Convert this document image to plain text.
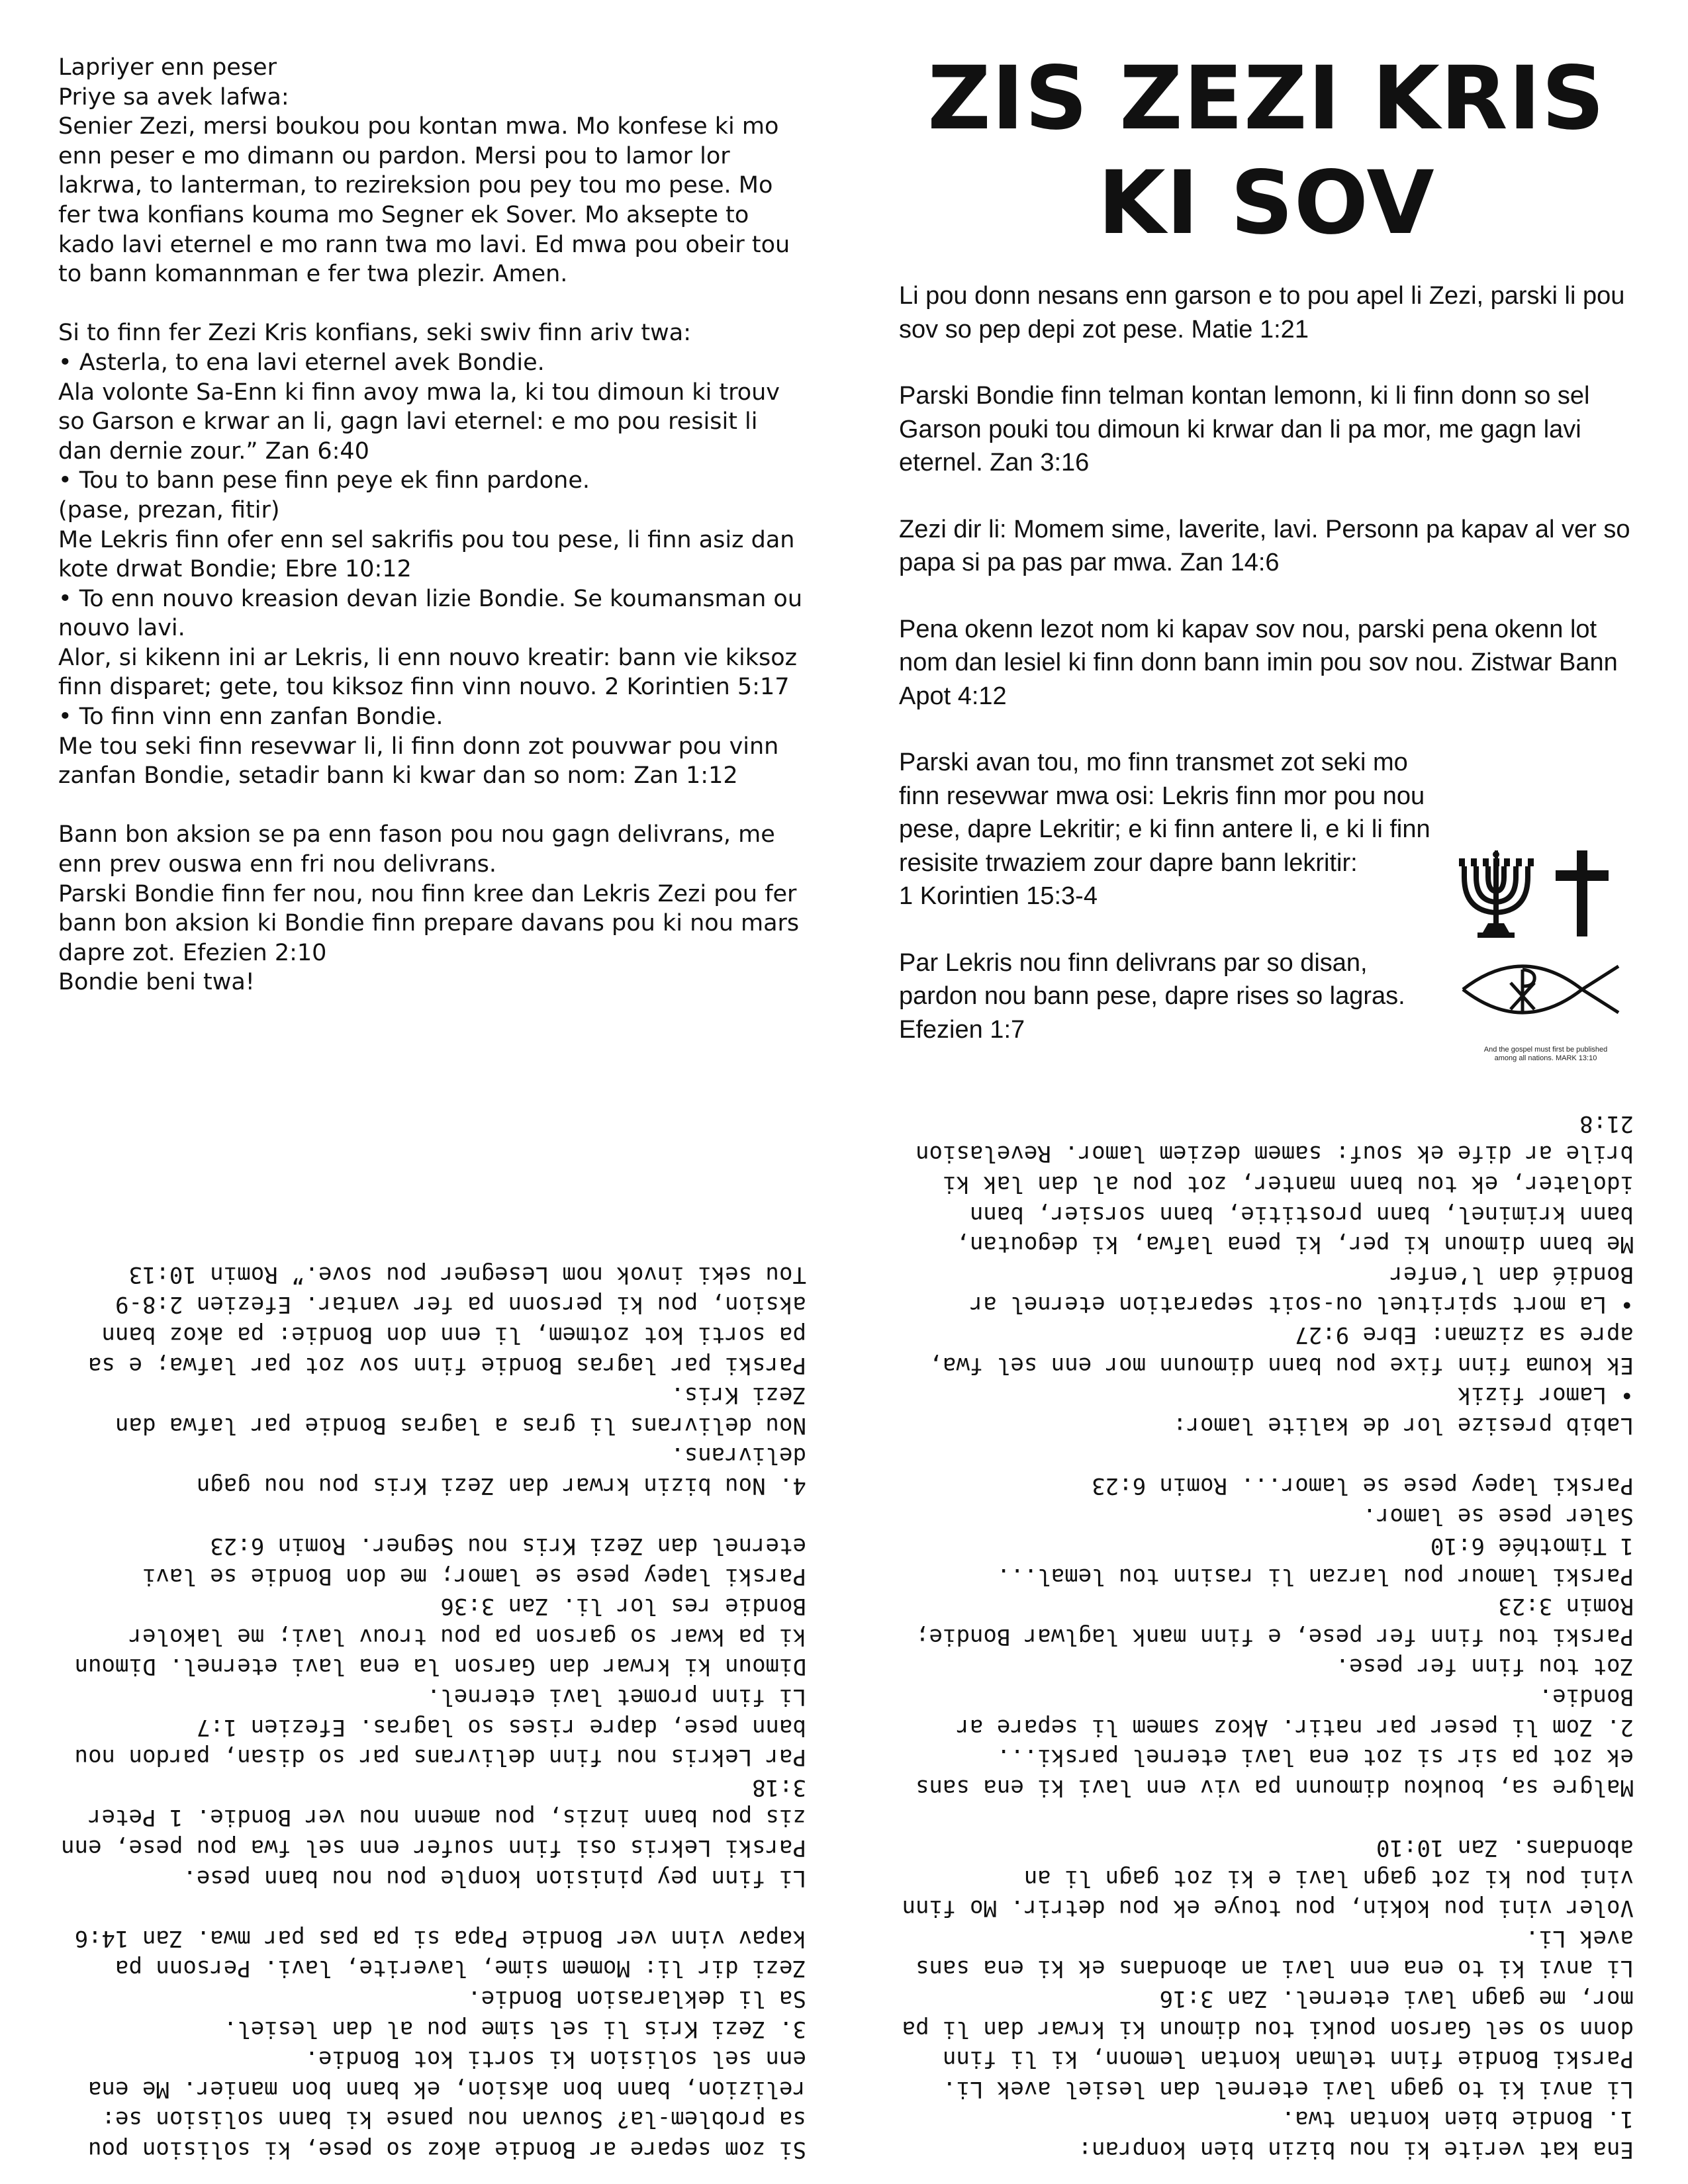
Lapriyer enn peser
Priye sa avek lafwa:
Senier Zezi, mersi boukou pou kontan mwa. Mo konfese ki mo enn peser e mo dimann ou pardon. Mersi pou to lamor lor lakrwa, to lanterman, to rezireksion pou pey tou mo pese. Mo fer twa konfians kouma mo Segner ek Sover. Mo aksepte to kado lavi eternel e mo rann twa mo lavi. Ed mwa pou obeir tou to bann komannman e fer twa plezir. Amen.

Si to finn fer Zezi Kris konfians, seki swiv finn ariv twa:
• Asterla, to ena lavi eternel avek Bondie.
Ala volonte Sa-Enn ki finn avoy mwa la, ki tou dimoun ki trouv so Garson e krwar an li, gagn lavi eternel: e mo pou resisit li dan dernie zour.” Zan 6:40
• Tou to bann pese finn peye ek finn pardone.
(pase, prezan, fitir)
Me Lekris finn ofer enn sel sakrifis pou tou pese, li finn asiz dan kote drwat Bondie; Ebre 10:12
• To enn nouvo kreasion devan lizie Bondie. Se koumansman ou nouvo lavi.
Alor, si kikenn ini ar Lekris, li enn nouvo kreatir: bann vie kiksoz finn disparet; gete, tou kiksoz finn vinn nouvo. 2 Korintien 5:17
• To finn vinn enn zanfan Bondie.
Me tou seki finn resevwar li, li finn donn zot pouvwar pou vinn zanfan Bondie, setadir bann ki kwar dan so nom: Zan 1:12

Bann bon aksion se pa enn fason pou nou gagn delivrans, me enn prev ouswa enn fri nou delivrans.
Parski Bondie finn fer nou, nou finn kree dan Lekris Zezi pou fer bann bon aksion ki Bondie finn prepare davans pou ki nou mars dapre zot. Efezien 2:10
Bondie beni twa!

ZIS ZEZI KRIS
KI SOV

Li pou donn nesans enn garson e to pou apel li Zezi, parski li pou sov so pep depi zot pese. Matie 1:21

Parski Bondie finn telman kontan lemonn, ki li finn donn so sel Garson pouki tou dimoun ki krwar dan li pa mor, me gagn lavi eternel. Zan 3:16

Zezi dir li: Momem sime, laverite, lavi. Personn pa kapav al ver so papa si pa pas par mwa. Zan 14:6

Pena okenn lezot nom ki kapav sov nou, parski pena okenn lot nom dan lesiel ki finn donn bann imin pou sov nou. Zistwar Bann Apot 4:12

Parski avan tou, mo finn transmet zot seki mo finn resevwar mwa osi: Lekris finn mor pou nou pese, dapre Lekritir; e ki finn antere li, e ki li finn resisite trwaziem zour dapre bann lekritir:
1 Korintien 15:3-4

Par Lekris nou finn delivrans par so disan, pardon nou bann pese, dapre rises so lagras. Efezien 1:7

And the gospel must first be published
among all nations. MARK 13:10

Si zom separe ar Bondie akoz so pese, ki solision pou sa problem-la? Souvan nou panse ki bann solision se:
relizion, bann bon aksion, ek bann bon manier. Me ena enn sel solision ki sorti kot Bondie.
3. Zezi Kris li sel sime pou al dan lesiel.
Sa li deklarasion Bondie.
Zezi dir li: Momem sime, laverite, lavi. Personn pa kapav vinn ver Bondie Papa si pa pas par mwa. Zan 14:6

Li finn pey pinision konple pou nou bann pese.
Parski Lekris osi finn soufer enn sel fwa pou pese, enn zis pou bann inzis, pou amenn nou ver Bondie. 1 Peter 3:18
Par Lekris nou finn delivrans par so disan, pardon nou bann pese, dapre rises so lagras. Efezien 1:7
Li finn promet lavi eternel.
Dimoun ki krwar dan Garson la ena lavi eternel. Dimoun ki pa kwar so garson pa pou trouv lavi; me lakoler Bondie res lor li. Zan 3:36
Parski lapey pese se lamor; me don Bondie se lavi eternel dan Zezi Kris nou Segner. Romin 6:23

4. Nou bizin krwar dan Zezi Kris pou nou gagn delivrans.
Nou delivrans li gras a lagras Bondie par lafwa dan Zezi Kris.
Parski par lagras Bondie finn sov zot par lafwa; e sa pa sorti kot zotmem, li enn don Bondie: pa akoz bann aksion, pou ki personn pa fer vantar. Efezien 2:8-9
Tou seki invok nom Lesegner pou sove.” Romin 10:13

Ena kat verite ki nou bizin bien konpran:
1. Bondie bien kontan twa.
Li anvi ki to gagn lavi eternel dan lesiel avek Li.
Parski Bondie finn telman kontan lemonn, ki li finn donn so sel Garson pouki tou dimoun ki krwar dan li pa mor, me gagn lavi eternel. Zan 3:16
Li anvi ki to ena enn lavi an abondans ek ki ena sans avek Li.
Voler vini pou kokin, pou touye ek pou detrir. Mo finn vini pou ki zot gagn lavi e ki zot gagn li an abondans. Zan 10:10

Malgre sa, boukou dimounn pa viv enn lavi ki ena sans ek zot pa sir si zot ena lavi eternel parski...
2. Zom li peser par natir. Akoz samem li separe ar Bondie.
Zot tou finn fer pese.
Parski tou finn fer pese, e finn mank laglwar Bondie; Romin 3:23
Parski lamour pou larzan li rasinn tou lemal...
1 Timothée 6:10
Saler pese se lamor.
Parski lapey pese se lamor... Romin 6:23

Labib presize lor de kalite lamor:
• Lamor fizik
Ek kouma finn fixe pou bann dimounn mor enn sel fwa, apre sa zizman: Ebre 9:27
• La mort spirituel ou-soit separation eternel ar Bondié dan l’enfer
Me bann dimoun ki per, ki pena lafwa, ki degoutan, bann kriminel, bann prostitie, bann sorsier, bann idolater, ek tou bann manter, zot pou al dan lak ki brile ar dife ek souf: samem deziem lamor. Revelasion 21:8
